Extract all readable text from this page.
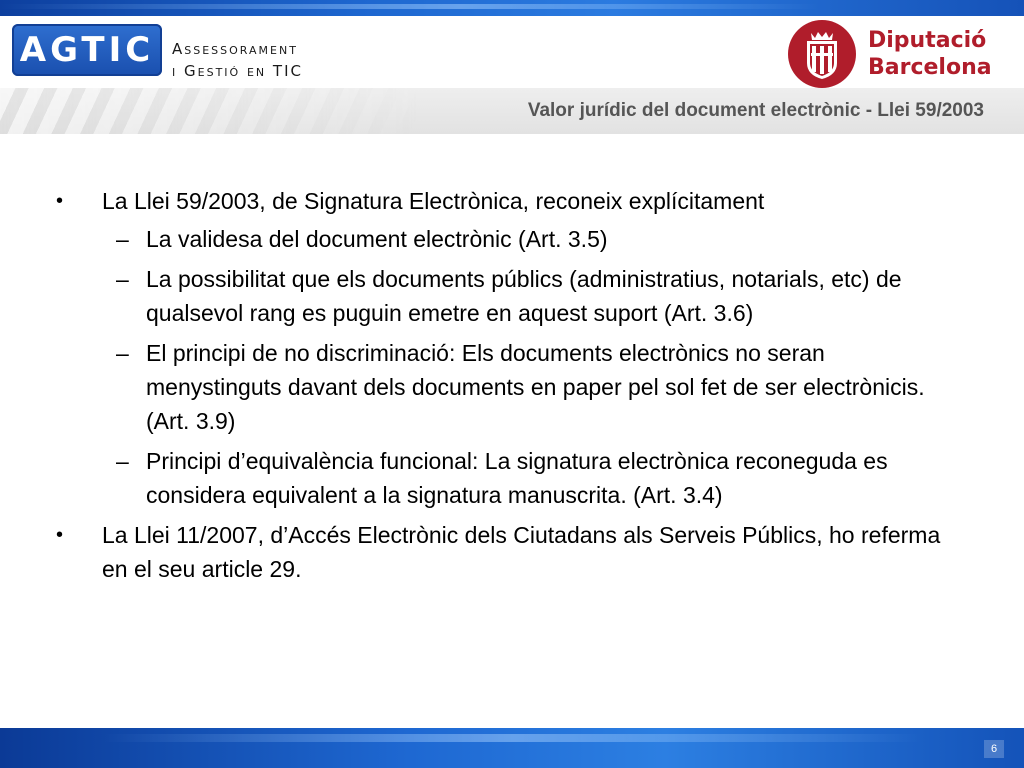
AGTIC	Assessorament
i Gestió en TIC
Diputació
Barcelona
Valor jurídic del document electrònic - Llei 59/2003
• La Llei 59/2003, de Signatura Electrònica, reconeix explícitament
– La validesa del document electrònic (Art. 3.5)
– La possibilitat que els documents públics (administratius, notarials, etc) de qualsevol rang es puguin emetre en aquest suport (Art. 3.6)
– El principi de no discriminació: Els documents electrònics no seran menystinguts davant dels documents en paper pel sol fet de ser electrònicis. (Art. 3.9)
– Principi d’equivalència funcional: La signatura electrònica reconeguda es considera equivalent a la signatura manuscrita. (Art. 3.4)
• La Llei 11/2007, d’Accés Electrònic dels Ciutadans als Serveis Públics, ho referma en el seu article 29.
6
